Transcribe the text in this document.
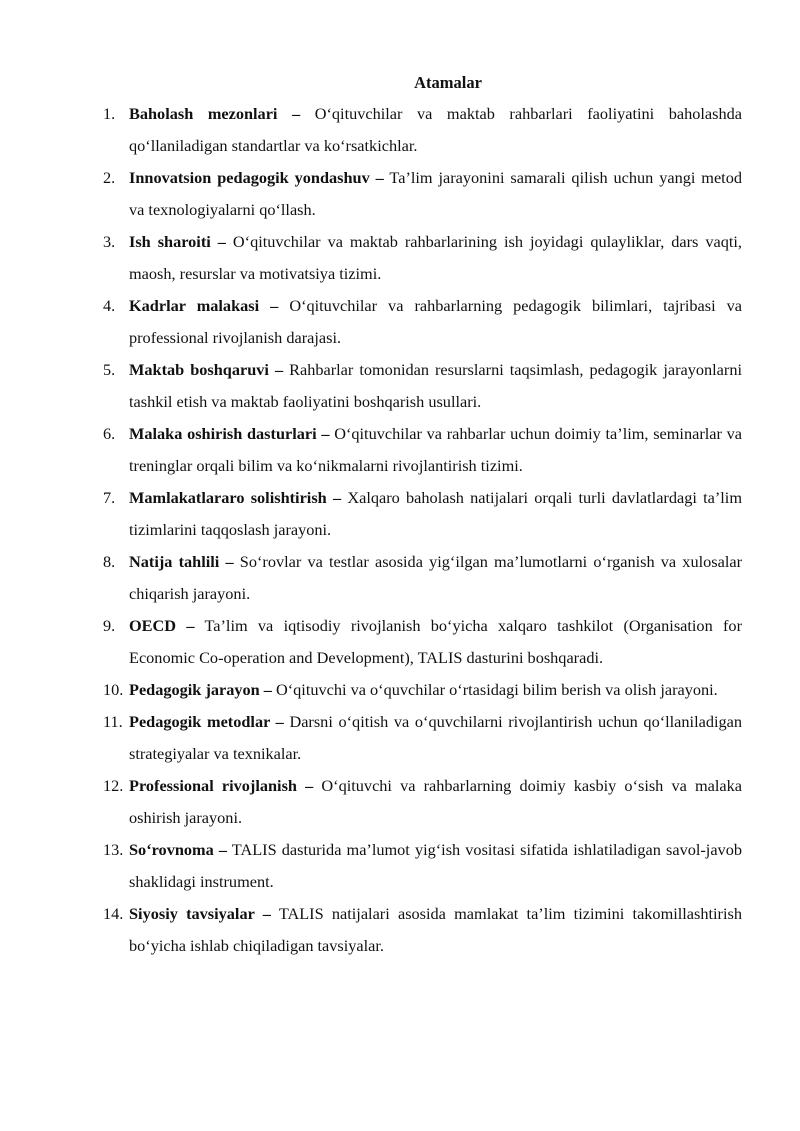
Atamalar

1. Baholash mezonlari – O‘qituvchilar va maktab rahbarlari faoliyatini baholashda qo‘llaniladigan standartlar va ko‘rsatkichlar.

2. Innovatsion pedagogik yondashuv – Ta’lim jarayonini samarali qilish uchun yangi metod va texnologiyalarni qo‘llash.

3. Ish sharoiti – O‘qituvchilar va maktab rahbarlarining ish joyidagi qulayliklar, dars vaqti, maosh, resurslar va motivatsiya tizimi.

4. Kadrlar malakasi – O‘qituvchilar va rahbarlarning pedagogik bilimlari, tajribasi va professional rivojlanish darajasi.

5. Maktab boshqaruvi – Rahbarlar tomonidan resurslarni taqsimlash, pedagogik jarayonlarni tashkil etish va maktab faoliyatini boshqarish usullari.

6. Malaka oshirish dasturlari – O‘qituvchilar va rahbarlar uchun doimiy ta’lim, seminarlar va treninglar orqali bilim va ko‘nikmalarni rivojlantirish tizimi.

7. Mamlakatlararo solishtirish – Xalqaro baholash natijalari orqali turli davlatlardagi ta’lim tizimlarini taqqoslash jarayoni.

8. Natija tahlili – So‘rovlar va testlar asosida yig‘ilgan ma’lumotlarni o‘rganish va xulosalar chiqarish jarayoni.

9. OECD – Ta’lim va iqtisodiy rivojlanish bo‘yicha xalqaro tashkilot (Organisation for Economic Co-operation and Development), TALIS dasturini boshqaradi.

10. Pedagogik jarayon – O‘qituvchi va o‘quvchilar o‘rtasidagi bilim berish va olish jarayoni.

11. Pedagogik metodlar – Darsni o‘qitish va o‘quvchilarni rivojlantirish uchun qo‘llaniladigan strategiyalar va texnikalar.

12. Professional rivojlanish – O‘qituvchi va rahbarlarning doimiy kasbiy o‘sish va malaka oshirish jarayoni.

13. So‘rovnoma – TALIS dasturida ma’lumot yig‘ish vositasi sifatida ishlatiladigan savol-javob shaklidagi instrument.

14. Siyosiy tavsiyalar – TALIS natijalari asosida mamlakat ta’lim tizimini takomillashtirish bo‘yicha ishlab chiqiladigan tavsiyalar.
